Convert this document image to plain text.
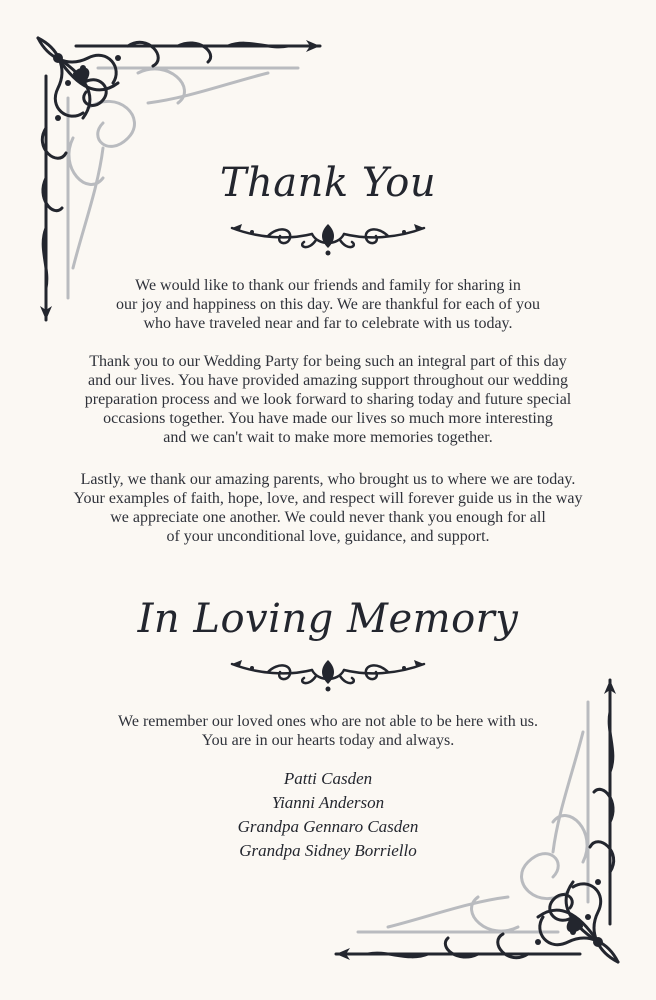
Thank You
We would like to thank our friends and family for sharing in
our joy and happiness on this day. We are thankful for each of you
who have traveled near and far to celebrate with us today.
Thank you to our Wedding Party for being such an integral part of this day
and our lives. You have provided amazing support throughout our wedding
preparation process and we look forward to sharing today and future special
occasions together. You have made our lives so much more interesting
and we can't wait to make more memories together.
Lastly, we thank our amazing parents, who brought us to where we are today.
Your examples of faith, hope, love, and respect will forever guide us in the way
we appreciate one another. We could never thank you enough for all
of your unconditional love, guidance, and support.
In Loving Memory
We remember our loved ones who are not able to be here with us.
You are in our hearts today and always.
Patti Casden
Yianni Anderson
Grandpa Gennaro Casden
Grandpa Sidney Borriello
